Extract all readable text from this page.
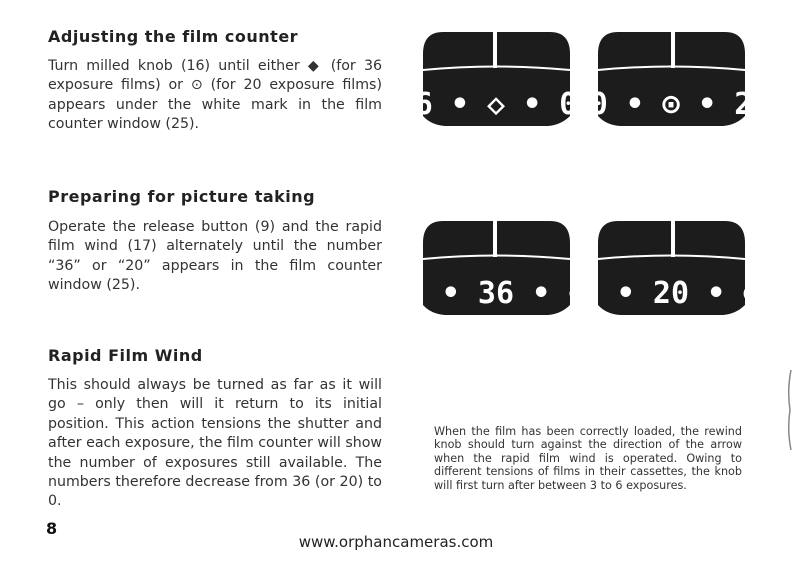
Adjusting the film counter

Turn milled knob (16) until either ◆ (for 36 exposure films) or ⊙ (for 20 exposure films) appears under the white mark in the film counter window (25).

Preparing for picture taking

Operate the release button (9) and the rapid film wind (17) alternately until the number “36” or “20” appears in the film counter window (25).

Rapid Film Wind

This should always be turned as far as it will go – only then will it return to its initial position. This action tensions the shutter and after each exposure, the film counter will show the number of exposures still available. The numbers therefore decrease from 36 (or 20) to 0.

6 • ◇ • 0 0 • ⊙ • 2
4 • 36 • <
8 • 20 • ⊙

When the film has been correctly loaded, the rewind knob should turn against the direction of the arrow when the rapid film wind is operated. Owing to different tensions of films in their cassettes, the knob will first turn after between 3 to 6 exposures.

8
www.orphancameras.com
